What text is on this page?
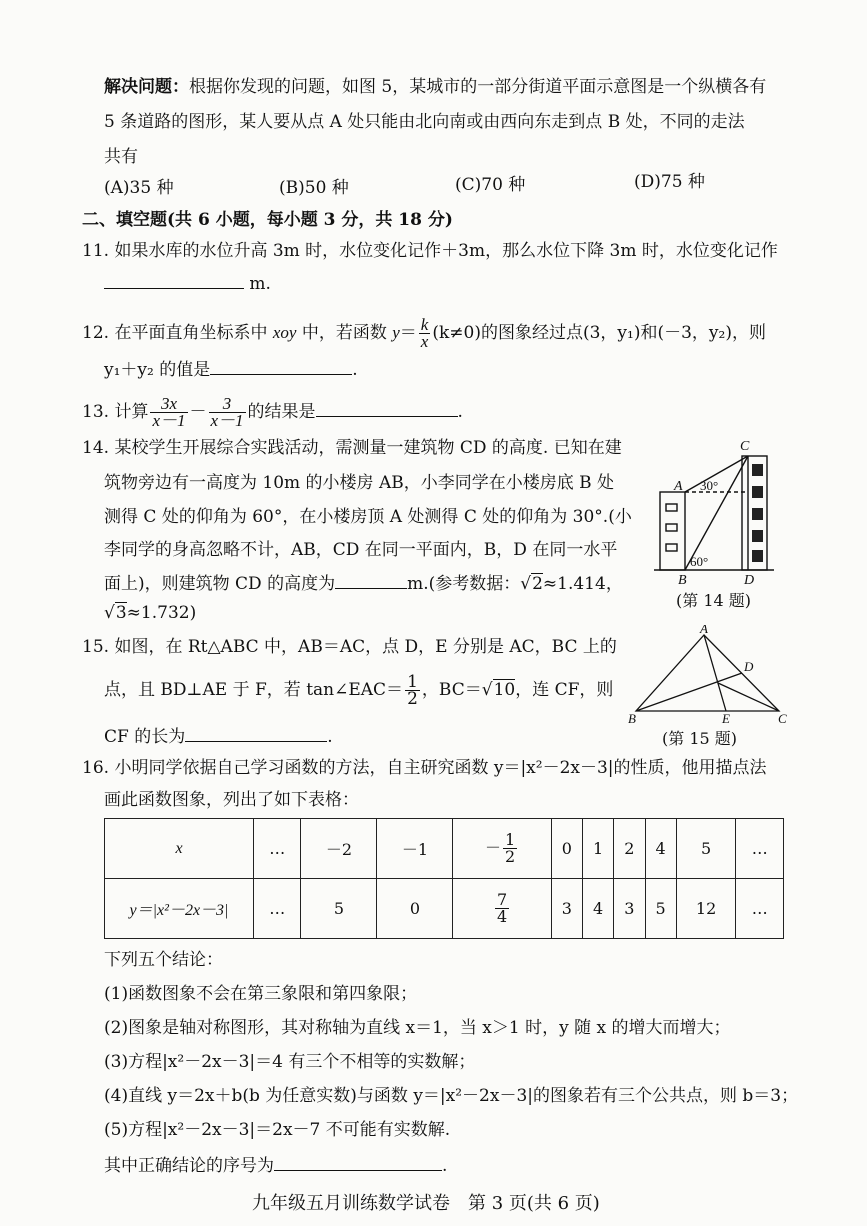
解决问题：根据你发现的问题，如图 5，某城市的一部分街道平面示意图是一个纵横各有
5 条道路的图形，某人要从点 A 处只能由北向南或由西向东走到点 B 处，不同的走法
共有
(A)35 种	(B)50 种	(C)70 种	(D)75 种
二、填空题(共 6 小题，每小题 3 分，共 18 分)
11. 如果水库的水位升高 3m 时，水位变化记作＋3m，那么水位下降 3m 时，水位变化记作
m.
12. 在平面直角坐标系中 xoy 中，若函数 $y= \frac{k}{x} (k\ne 0)$的图象经过点(3，y₁)和(－3，y₂)，则
y₁＋y₂ 的值是	.
13. 计算 $\frac{3x}{x-1} - \frac{3}{x-1}$ 的结果是	.
14. 某校学生开展综合实践活动，需测量一建筑物 CD 的高度. 已知在建
筑物旁边有一高度为 10m 的小楼房 AB，小李同学在小楼房底 B 处
测得 C 处的仰角为 60°，在小楼房顶 A 处测得 C 处的仰角为 30°.(小
李同学的身高忽略不计，AB，CD 在同一平面内，B，D 在同一水平
面上)，则建筑物 CD 的高度为	m.(参考数据：√2≈1.414，
√3≈1.732)
A
B
C
D
30°
60°
(第 14 题)
15. 如图，在 Rt△ABC 中，AB＝AC，点 D，E 分别是 AC，BC 上的
点，且 BD⊥AE 于 F，若 tan∠EAC＝ $\frac{1}{2}$ ，BC＝√10，连 CF，则
CF 的长为	.
A
B	C
D
E
(第 15 题)
16. 小明同学依据自己学习函数的方法，自主研究函数 y＝|x²－2x－3|的性质，他用描点法
画此函数图象，列出了如下表格：
x	…	－2	－1	－ $\frac{1}{2}$	0	1	2	4	5	…
y＝|x²－2x－3|	…	5	0	$\frac{7}{4}$	3	4	3	5	12	…
下列五个结论：
(1)函数图象不会在第三象限和第四象限；
(2)图象是轴对称图形，其对称轴为直线 x＝1，当 x＞1 时，y 随 x 的增大而增大；
(3)方程|x²－2x－3|＝4 有三个不相等的实数解；
(4)直线 y＝2x＋b(b 为任意实数)与函数 y＝|x²－2x－3|的图象若有三个公共点，则 b＝3；
(5)方程|x²－2x－3|＝2x－7 不可能有实数解.
其中正确结论的序号为	.
九年级五月训练数学试卷　第 3 页(共 6 页)
